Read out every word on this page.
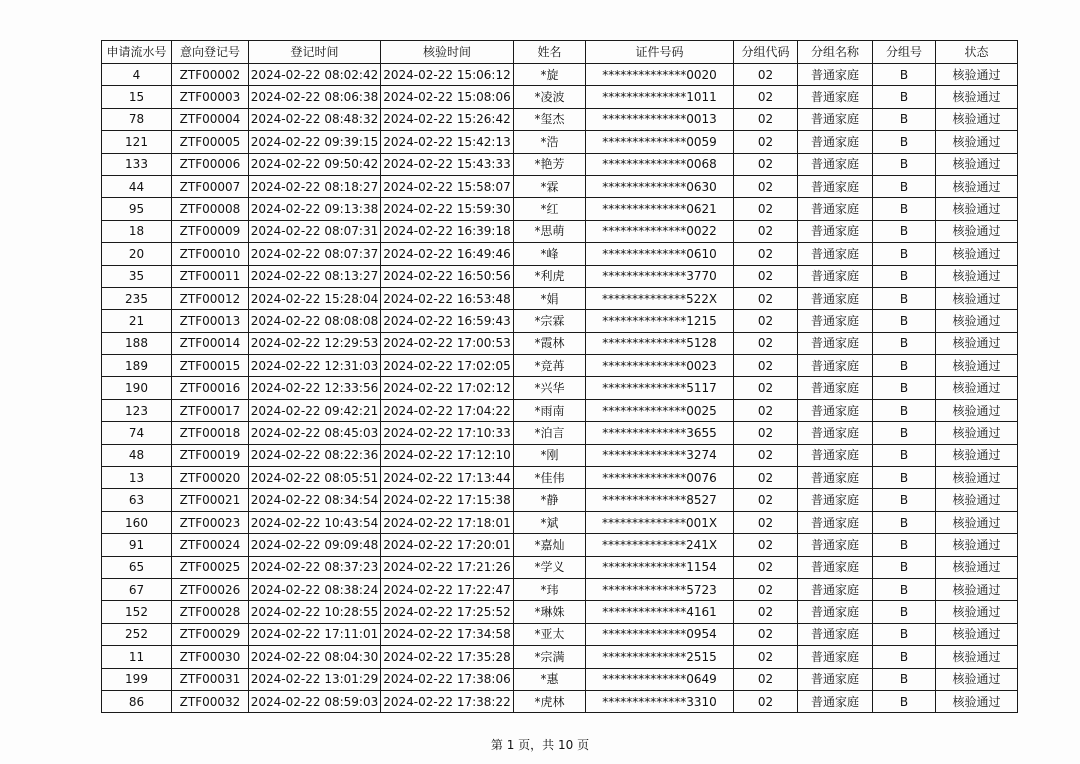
申请流水号	意向登记号	登记时间	核验时间	姓名	证件号码	分组代码	分组名称	分组号	状态
4	ZTF00002	2024-02-22 08:02:42	2024-02-22 15:06:12	*旋	**************0020	02	普通家庭	B	核验通过
15	ZTF00003	2024-02-22 08:06:38	2024-02-22 15:08:06	*凌波	**************1011	02	普通家庭	B	核验通过
78	ZTF00004	2024-02-22 08:48:32	2024-02-22 15:26:42	*玺杰	**************0013	02	普通家庭	B	核验通过
121	ZTF00005	2024-02-22 09:39:15	2024-02-22 15:42:13	*浩	**************0059	02	普通家庭	B	核验通过
133	ZTF00006	2024-02-22 09:50:42	2024-02-22 15:43:33	*艳芳	**************0068	02	普通家庭	B	核验通过
44	ZTF00007	2024-02-22 08:18:27	2024-02-22 15:58:07	*霖	**************0630	02	普通家庭	B	核验通过
95	ZTF00008	2024-02-22 09:13:38	2024-02-22 15:59:30	*红	**************0621	02	普通家庭	B	核验通过
18	ZTF00009	2024-02-22 08:07:31	2024-02-22 16:39:18	*思萌	**************0022	02	普通家庭	B	核验通过
20	ZTF00010	2024-02-22 08:07:37	2024-02-22 16:49:46	*峰	**************0610	02	普通家庭	B	核验通过
35	ZTF00011	2024-02-22 08:13:27	2024-02-22 16:50:56	*利虎	**************3770	02	普通家庭	B	核验通过
235	ZTF00012	2024-02-22 15:28:04	2024-02-22 16:53:48	*娟	**************522X	02	普通家庭	B	核验通过
21	ZTF00013	2024-02-22 08:08:08	2024-02-22 16:59:43	*宗霖	**************1215	02	普通家庭	B	核验通过
188	ZTF00014	2024-02-22 12:29:53	2024-02-22 17:00:53	*霞林	**************5128	02	普通家庭	B	核验通过
189	ZTF00015	2024-02-22 12:31:03	2024-02-22 17:02:05	*竞苒	**************0023	02	普通家庭	B	核验通过
190	ZTF00016	2024-02-22 12:33:56	2024-02-22 17:02:12	*兴华	**************5117	02	普通家庭	B	核验通过
123	ZTF00017	2024-02-22 09:42:21	2024-02-22 17:04:22	*雨南	**************0025	02	普通家庭	B	核验通过
74	ZTF00018	2024-02-22 08:45:03	2024-02-22 17:10:33	*泊言	**************3655	02	普通家庭	B	核验通过
48	ZTF00019	2024-02-22 08:22:36	2024-02-22 17:12:10	*刚	**************3274	02	普通家庭	B	核验通过
13	ZTF00020	2024-02-22 08:05:51	2024-02-22 17:13:44	*佳伟	**************0076	02	普通家庭	B	核验通过
63	ZTF00021	2024-02-22 08:34:54	2024-02-22 17:15:38	*静	**************8527	02	普通家庭	B	核验通过
160	ZTF00023	2024-02-22 10:43:54	2024-02-22 17:18:01	*斌	**************001X	02	普通家庭	B	核验通过
91	ZTF00024	2024-02-22 09:09:48	2024-02-22 17:20:01	*嘉灿	**************241X	02	普通家庭	B	核验通过
65	ZTF00025	2024-02-22 08:37:23	2024-02-22 17:21:26	*学义	**************1154	02	普通家庭	B	核验通过
67	ZTF00026	2024-02-22 08:38:24	2024-02-22 17:22:47	*玮	**************5723	02	普通家庭	B	核验通过
152	ZTF00028	2024-02-22 10:28:55	2024-02-22 17:25:52	*琳姝	**************4161	02	普通家庭	B	核验通过
252	ZTF00029	2024-02-22 17:11:01	2024-02-22 17:34:58	*亚太	**************0954	02	普通家庭	B	核验通过
11	ZTF00030	2024-02-22 08:04:30	2024-02-22 17:35:28	*宗满	**************2515	02	普通家庭	B	核验通过
199	ZTF00031	2024-02-22 13:01:29	2024-02-22 17:38:06	*惠	**************0649	02	普通家庭	B	核验通过
86	ZTF00032	2024-02-22 08:59:03	2024-02-22 17:38:22	*虎林	**************3310	02	普通家庭	B	核验通过
第 1 页，共 10 页
